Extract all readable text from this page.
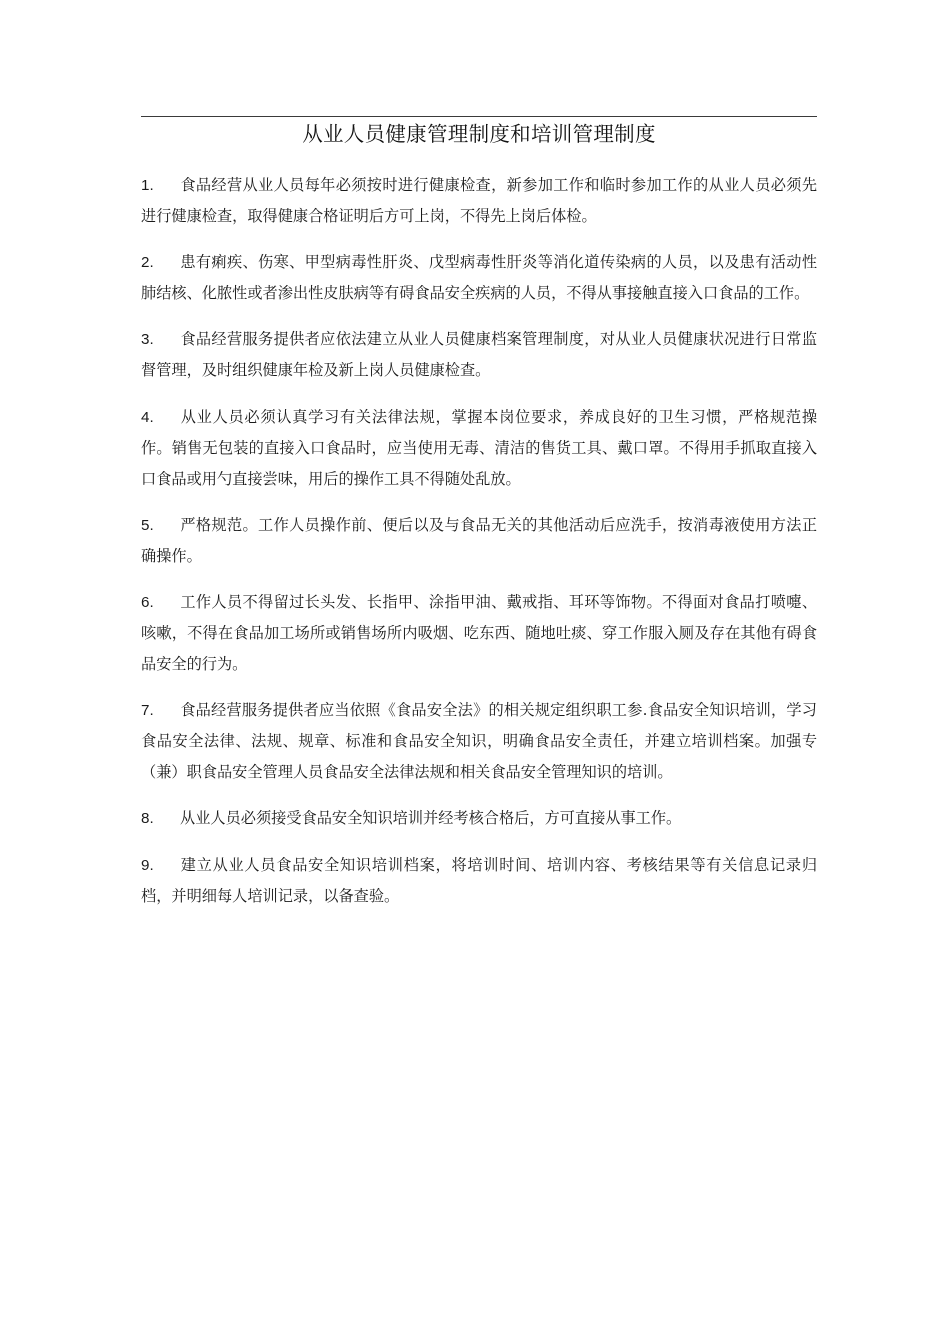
从业人员健康管理制度和培训管理制度

1. 食品经营从业人员每年必须按时进行健康检查，新参加工作和临时参加工作的从业人员必须先进行健康检查，取得健康合格证明后方可上岗，不得先上岗后体检。

2. 患有痢疾、伤寒、甲型病毒性肝炎、戊型病毒性肝炎等消化道传染病的人员，以及患有活动性肺结核、化脓性或者渗出性皮肤病等有碍食品安全疾病的人员，不得从事接触直接入口食品的工作。

3. 食品经营服务提供者应依法建立从业人员健康档案管理制度，对从业人员健康状况进行日常监督管理，及时组织健康年检及新上岗人员健康检查。

4. 从业人员必须认真学习有关法律法规，掌握本岗位要求，养成良好的卫生习惯，严格规范操作。销售无包装的直接入口食品时，应当使用无毒、清洁的售货工具、戴口罩。不得用手抓取直接入口食品或用勺直接尝味，用后的操作工具不得随处乱放。

5. 严格规范。工作人员操作前、便后以及与食品无关的其他活动后应洗手，按消毒液使用方法正确操作。

6. 工作人员不得留过长头发、长指甲、涂指甲油、戴戒指、耳环等饰物。不得面对食品打喷嚏、咳嗽，不得在食品加工场所或销售场所内吸烟、吃东西、随地吐痰、穿工作服入厕及存在其他有碍食品安全的行为。

7. 食品经营服务提供者应当依照《食品安全法》的相关规定组织职工参.食品安全知识培训，学习食品安全法律、法规、规章、标准和食品安全知识，明确食品安全责任，并建立培训档案。加强专（兼）职食品安全管理人员食品安全法律法规和相关食品安全管理知识的培训。

8. 从业人员必须接受食品安全知识培训并经考核合格后，方可直接从事工作。

9. 建立从业人员食品安全知识培训档案，将培训时间、培训内容、考核结果等有关信息记录归档，并明细每人培训记录，以备查验。
